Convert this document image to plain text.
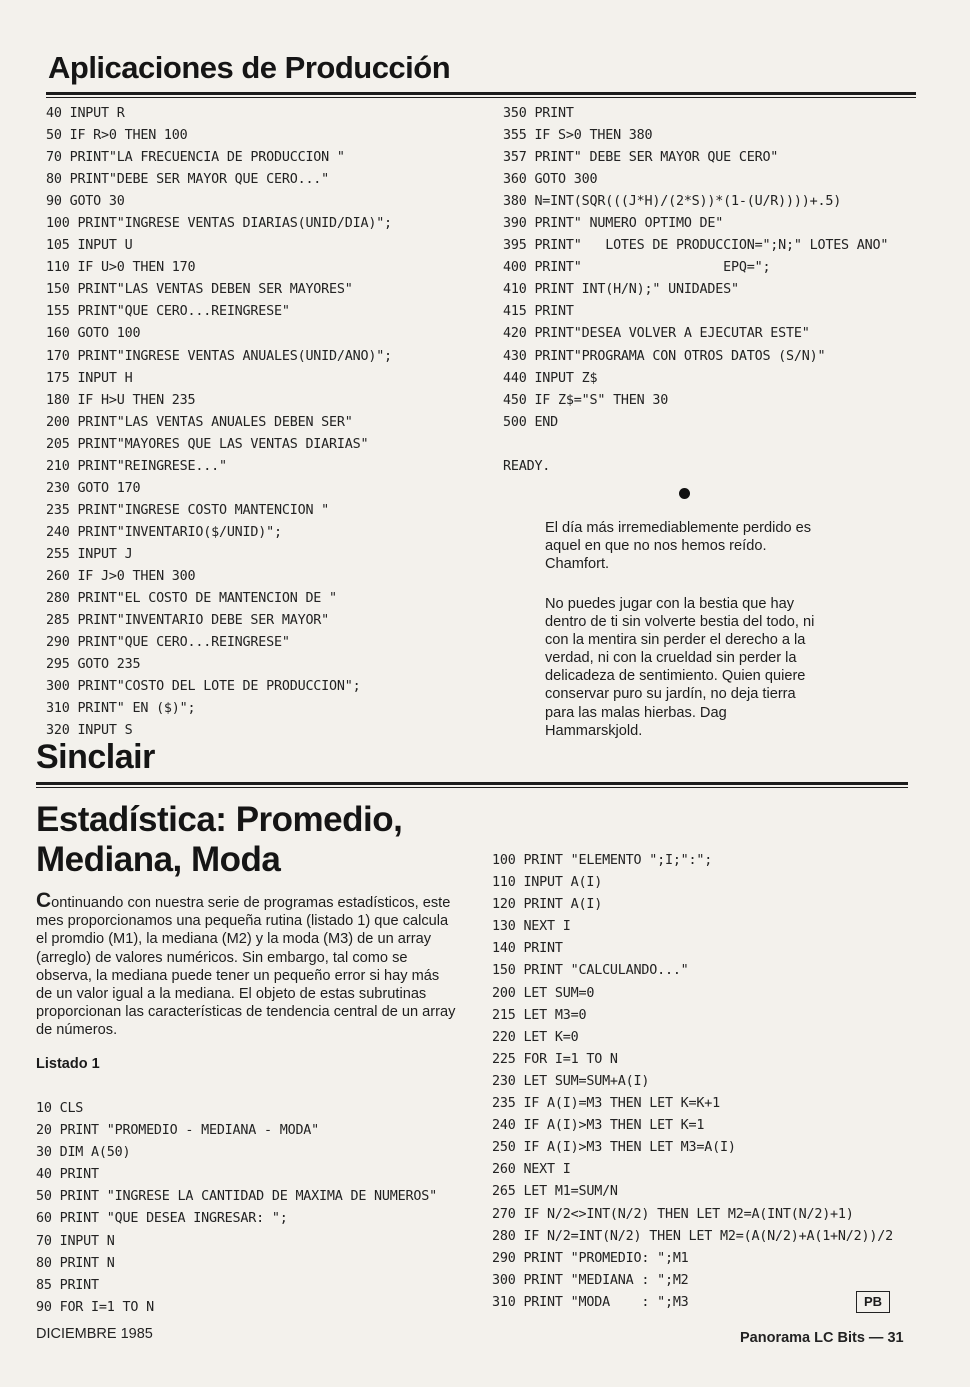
Aplicaciones de Producción
40 INPUT R
50 IF R>0 THEN 100
70 PRINT"LA FRECUENCIA DE PRODUCCION "
80 PRINT"DEBE SER MAYOR QUE CERO..."
90 GOTO 30
100 PRINT"INGRESE VENTAS DIARIAS(UNID/DIA)";
105 INPUT U
110 IF U>0 THEN 170
150 PRINT"LAS VENTAS DEBEN SER MAYORES"
155 PRINT"QUE CERO...REINGRESE"
160 GOTO 100
170 PRINT"INGRESE VENTAS ANUALES(UNID/ANO)";
175 INPUT H
180 IF H>U THEN 235
200 PRINT"LAS VENTAS ANUALES DEBEN SER"
205 PRINT"MAYORES QUE LAS VENTAS DIARIAS"
210 PRINT"REINGRESE..."
230 GOTO 170
235 PRINT"INGRESE COSTO MANTENCION "
240 PRINT"INVENTARIO($/UNID)";
255 INPUT J
260 IF J>0 THEN 300
280 PRINT"EL COSTO DE MANTENCION DE "
285 PRINT"INVENTARIO DEBE SER MAYOR"
290 PRINT"QUE CERO...REINGRESE"
295 GOTO 235
300 PRINT"COSTO DEL LOTE DE PRODUCCION";
310 PRINT" EN ($)";
320 INPUT S
350 PRINT
355 IF S>0 THEN 380
357 PRINT" DEBE SER MAYOR QUE CERO"
360 GOTO 300
380 N=INT(SQR(((J*H)/(2*S))*(1-(U/R))))+.5)
390 PRINT" NUMERO OPTIMO DE"
395 PRINT"   LOTES DE PRODUCCION=";N;" LOTES ANO"
400 PRINT"                  EPQ=";
410 PRINT INT(H/N);" UNIDADES"
415 PRINT
420 PRINT"DESEA VOLVER A EJECUTAR ESTE"
430 PRINT"PROGRAMA CON OTROS DATOS (S/N)"
440 INPUT Z$
450 IF Z$="S" THEN 30
500 END
READY.
El día más irremediablemente perdido es aquel en que no nos hemos reído. Chamfort.
No puedes jugar con la bestia que hay dentro de ti sin volverte bestia del todo, ni con la mentira sin perder el derecho a la verdad, ni con la crueldad sin perder la delicadeza de sentimiento. Quien quiere conservar puro su jardín, no deja tierra para las malas hierbas. Dag Hammarskjold.
Sinclair
Estadística: Promedio,
Mediana, Moda
Continuando con nuestra serie de programas estadísticos, este mes proporcionamos una pequeña rutina (listado 1) que calcula el promdio (M1), la mediana (M2) y la moda (M3) de un array (arreglo) de valores numéricos. Sin embargo, tal como se observa, la mediana puede tener un pequeño error si hay más de un valor igual a la mediana. El objeto de estas subrutinas proporcionan las características de tendencia central de un array de números.
Listado 1
10 CLS
20 PRINT "PROMEDIO - MEDIANA - MODA"
30 DIM A(50)
40 PRINT
50 PRINT "INGRESE LA CANTIDAD DE MAXIMA DE NUMEROS"
60 PRINT "QUE DESEA INGRESAR: ";
70 INPUT N
80 PRINT N
85 PRINT
90 FOR I=1 TO N
100 PRINT "ELEMENTO ";I;":";
110 INPUT A(I)
120 PRINT A(I)
130 NEXT I
140 PRINT
150 PRINT "CALCULANDO..."
200 LET SUM=0
215 LET M3=0
220 LET K=0
225 FOR I=1 TO N
230 LET SUM=SUM+A(I)
235 IF A(I)=M3 THEN LET K=K+1
240 IF A(I)>M3 THEN LET K=1
250 IF A(I)>M3 THEN LET M3=A(I)
260 NEXT I
265 LET M1=SUM/N
270 IF N/2<>INT(N/2) THEN LET M2=A(INT(N/2)+1)
280 IF N/2=INT(N/2) THEN LET M2=(A(N/2)+A(1+N/2))/2
290 PRINT "PROMEDIO: ";M1
300 PRINT "MEDIANA : ";M2
310 PRINT "MODA    : ";M3
DICIEMBRE 1985	Panorama LC Bits — 31
PB
